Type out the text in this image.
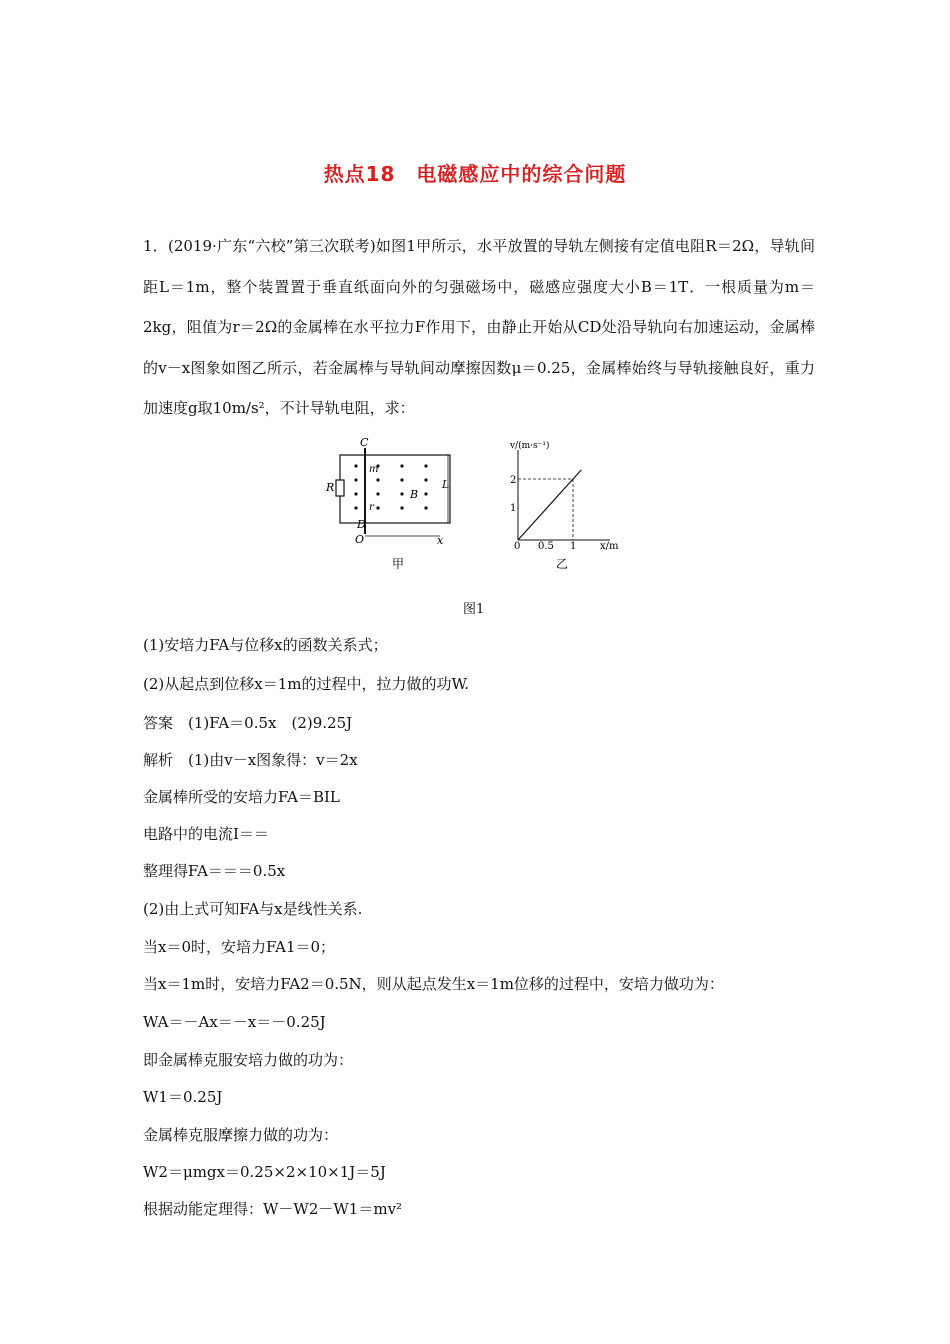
热点18　电磁感应中的综合问题
1．(2019·广东“六校”第三次联考)如图1甲所示，水平放置的导轨左侧接有定值电阻R＝2Ω，导轨间距L＝1m，整个装置置于垂直纸面向外的匀强磁场中，磁感应强度大小B＝1T．一根质量为m＝2kg，阻值为r＝2Ω的金属棒在水平拉力F作用下，由静止开始从CD处沿导轨向右加速运动，金属棒的v－x图象如图乙所示，若金属棒与导轨间动摩擦因数μ＝0.25，金属棒始终与导轨接触良好，重力加速度g取10m/s²，不计导轨电阻，求：
C
D
O	x
m
r
B
L
R
甲
v/(m·s⁻¹)
x/m
2
1
0 0.5 1
乙
图1
(1)安培力FA与位移x的函数关系式；
(2)从起点到位移x＝1m的过程中，拉力做的功W.
答案　(1)FA＝0.5x　(2)9.25J
解析　(1)由v－x图象得：v＝2x
金属棒所受的安培力FA＝BIL
电路中的电流I＝＝
整理得FA＝＝＝0.5x
(2)由上式可知FA与x是线性关系.
当x＝0时，安培力FA1＝0；
当x＝1m时，安培力FA2＝0.5N，则从起点发生x＝1m位移的过程中，安培力做功为：
WA＝－Ax＝－x＝－0.25J
即金属棒克服安培力做的功为：
W1＝0.25J
金属棒克服摩擦力做的功为：
W2＝μmgx＝0.25×2×10×1J＝5J
根据动能定理得：W－W2－W1＝mv²
